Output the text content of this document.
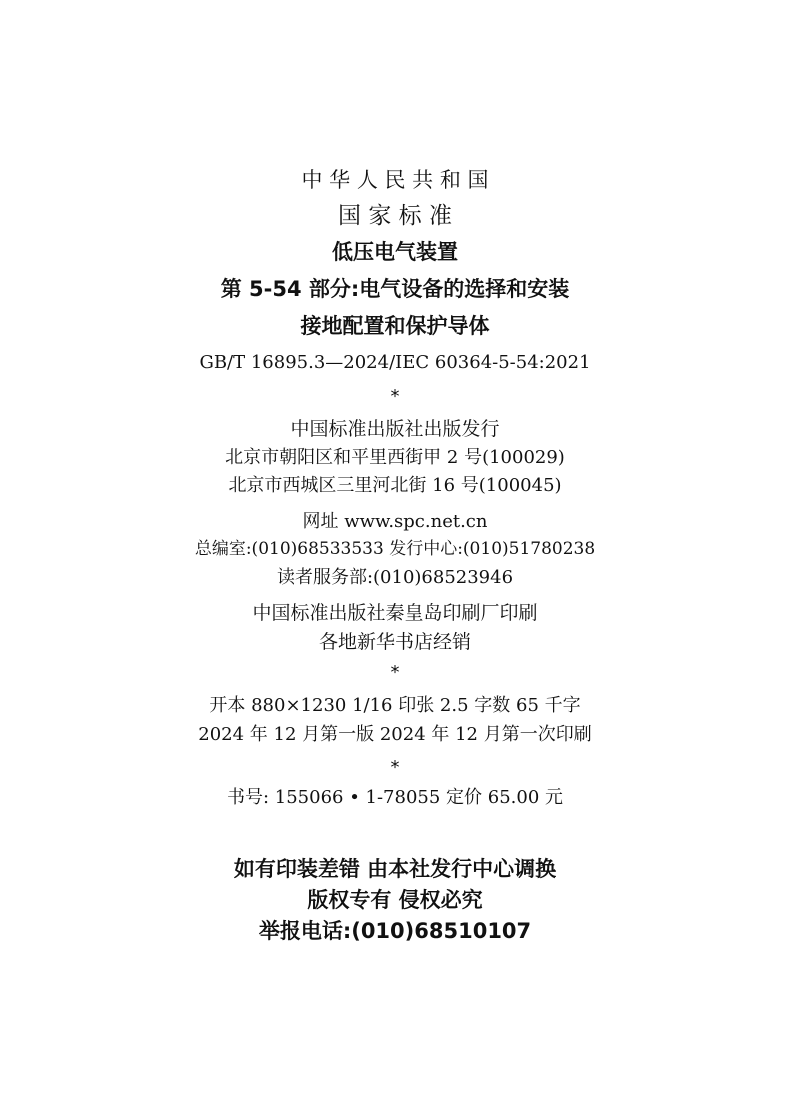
中 华 人 民 共 和 国
国 家 标 准
低压电气装置
第 5-54 部分:电气设备的选择和安装
接地配置和保护导体
GB/T 16895.3—2024/IEC 60364-5-54:2021
*
中国标准出版社出版发行
北京市朝阳区和平里西街甲 2 号(100029)
北京市西城区三里河北街 16 号(100045)
网址 www.spc.net.cn
总编室:(010)68533533 发行中心:(010)51780238
读者服务部:(010)68523946
中国标准出版社秦皇岛印刷厂印刷
各地新华书店经销
*
开本 880×1230 1/16 印张 2.5 字数 65 千字
2024 年 12 月第一版 2024 年 12 月第一次印刷
*
书号: 155066 • 1-78055 定价 65.00 元
如有印装差错 由本社发行中心调换
版权专有 侵权必究
举报电话:(010)68510107
